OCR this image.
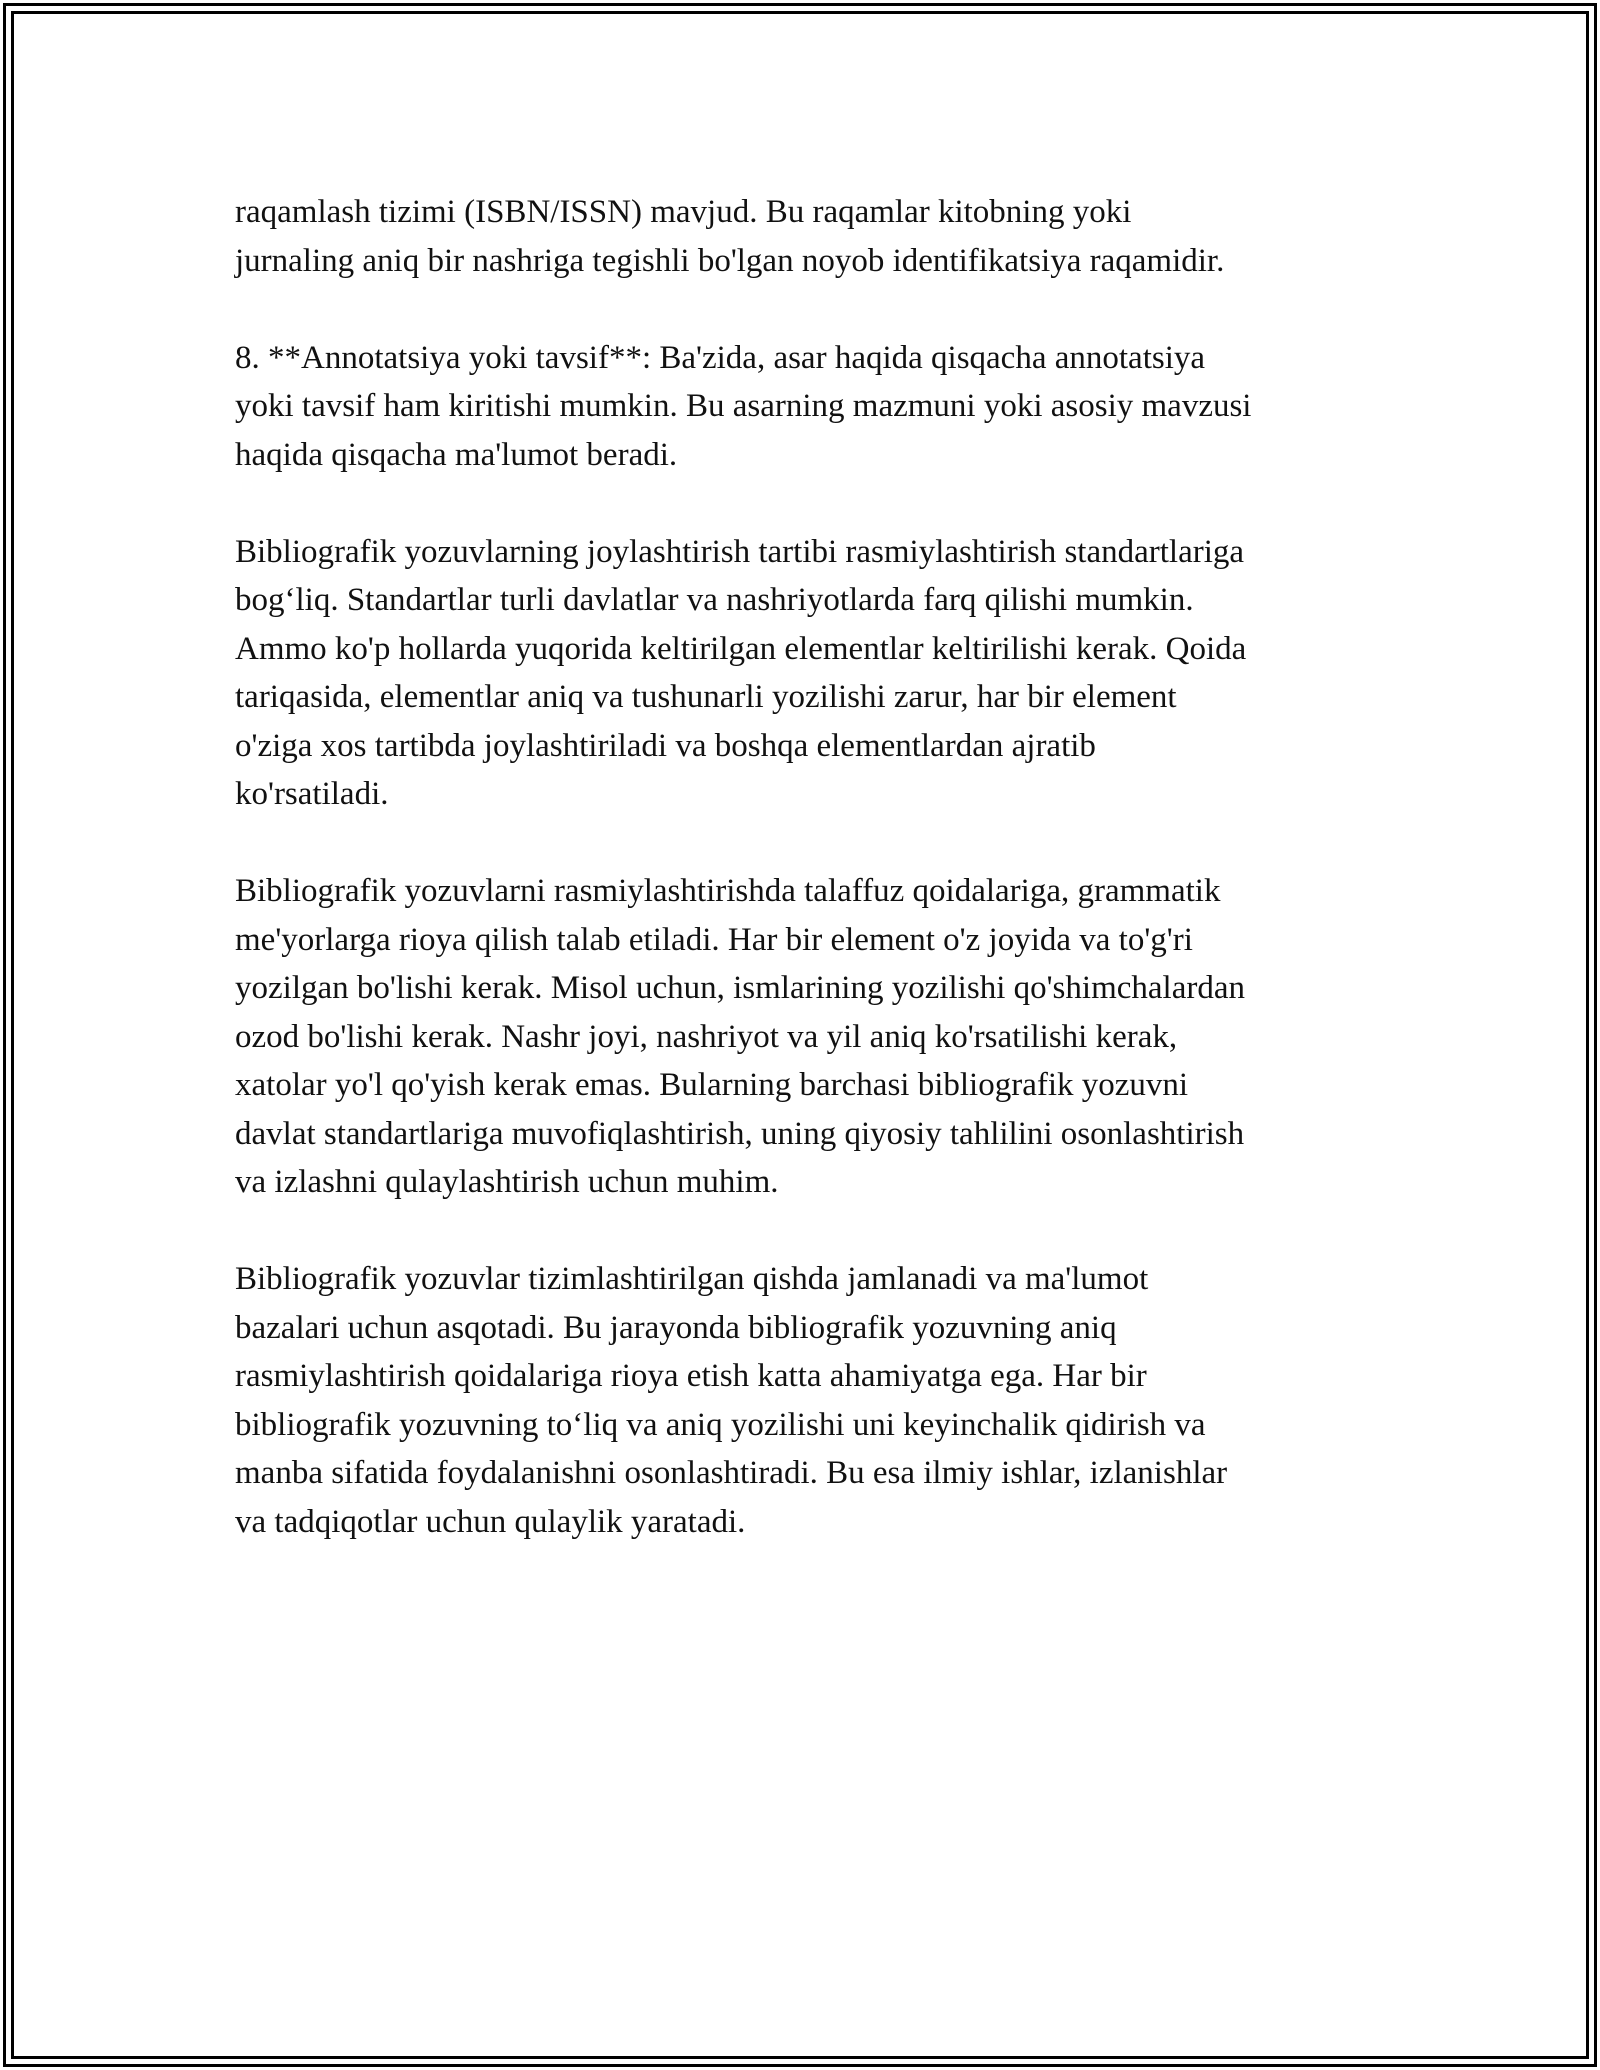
raqamlash tizimi (ISBN/ISSN) mavjud. Bu raqamlar kitobning yoki
jurnaling aniq bir nashriga tegishli bo'lgan noyob identifikatsiya raqamidir.

8. **Annotatsiya yoki tavsif**: Ba'zida, asar haqida qisqacha annotatsiya
yoki tavsif ham kiritishi mumkin. Bu asarning mazmuni yoki asosiy mavzusi
haqida qisqacha ma'lumot beradi.

Bibliografik yozuvlarning joylashtirish tartibi rasmiylashtirish standartlariga
bog‘liq. Standartlar turli davlatlar va nashriyotlarda farq qilishi mumkin.
Ammo ko'p hollarda yuqorida keltirilgan elementlar keltirilishi kerak. Qoida
tariqasida, elementlar aniq va tushunarli yozilishi zarur, har bir element
o'ziga xos tartibda joylashtiriladi va boshqa elementlardan ajratib
ko'rsatiladi.

Bibliografik yozuvlarni rasmiylashtirishda talaffuz qoidalariga, grammatik
me'yorlarga rioya qilish talab etiladi. Har bir element o'z joyida va to'g'ri
yozilgan bo'lishi kerak. Misol uchun, ismlarining yozilishi qo'shimchalardan
ozod bo'lishi kerak. Nashr joyi, nashriyot va yil aniq ko'rsatilishi kerak,
xatolar yo'l qo'yish kerak emas. Bularning barchasi bibliografik yozuvni
davlat standartlariga muvofiqlashtirish, uning qiyosiy tahlilini osonlashtirish
va izlashni qulaylashtirish uchun muhim.

Bibliografik yozuvlar tizimlashtirilgan qishda jamlanadi va ma'lumot
bazalari uchun asqotadi. Bu jarayonda bibliografik yozuvning aniq
rasmiylashtirish qoidalariga rioya etish katta ahamiyatga ega. Har bir
bibliografik yozuvning to‘liq va aniq yozilishi uni keyinchalik qidirish va
manba sifatida foydalanishni osonlashtiradi. Bu esa ilmiy ishlar, izlanishlar
va tadqiqotlar uchun qulaylik yaratadi.
